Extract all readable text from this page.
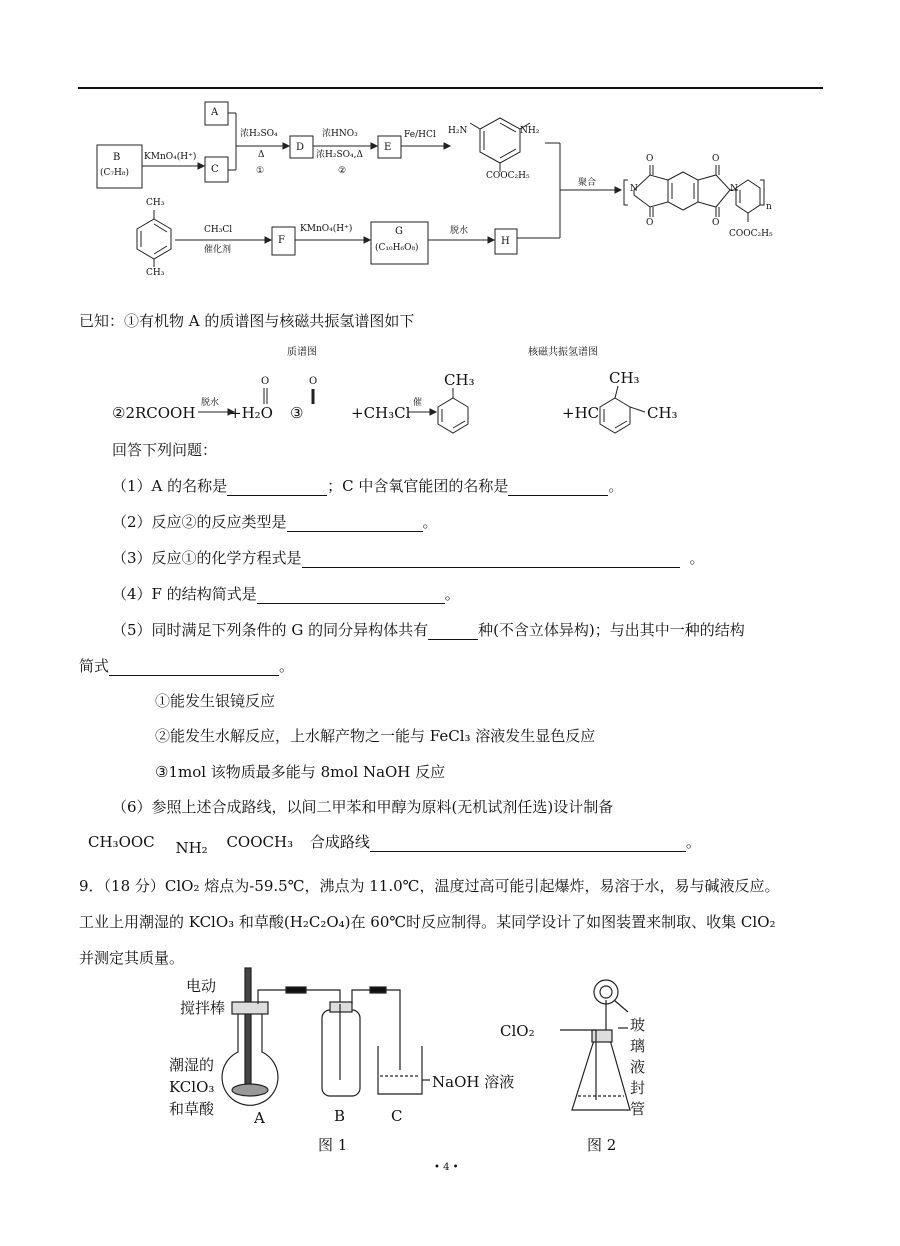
A
B
(C₇H₈)
KMnO₄(H⁺)
C
浓H₂SO₄
Δ
①
D
浓HNO₃
浓H₂SO₄,Δ
②
E
Fe/HCl H₂N	NH₂
COOC₂H₅
聚合
CH₃
CH₃
CH₃Cl
催化剂
F
KMnO₄(H⁺)	G
(C₁₀H₆O₈)
脱水
H
O	O
O	O
N	N
n
COOC₂H₅
已知：①有机物 A 的质谱图与核磁共振氢谱图如下
质谱图	核磁共振氢谱图
②2RCOOH
脱水
+H₂O
O
③
O
+CH₃Cl
催
CH₃
+HC
CH₃
CH₃
回答下列问题：
（1）A 的名称是	；C 中含氧官能团的名称是	。
（2）反应②的反应类型是	。
（3）反应①的化学方程式是	。
（4）F 的结构简式是	。
（5）同时满足下列条件的 G 的同分异构体共有	种(不含立体异构)；与出其中一种的结构
简式	。
①能发生银镜反应
②能发生水解反应，上水解产物之一能与 FeCl₃ 溶液发生显色反应
③1mol 该物质最多能与 8mol NaOH 反应
（6）参照上述合成路线，以间二甲苯和甲醇为原料(无机试剂任选)设计制备
CH₃OOC NH₂ COOCH₃ 合成路线	。
9．（18 分）ClO₂ 熔点为-59.5℃，沸点为 11.0℃，温度过高可能引起爆炸，易溶于水，易与碱液反应。
工业上用潮湿的 KClO₃ 和草酸(H₂C₂O₄)在 60℃时反应制得。某同学设计了如图装置来制取、收集 ClO₂
并测定其质量。
电动
搅拌棒
潮湿的
KClO₃
和草酸	A	B	C
NaOH 溶液
图 1
ClO₂	玻
璃
液
封
管
图 2
• 4 •
